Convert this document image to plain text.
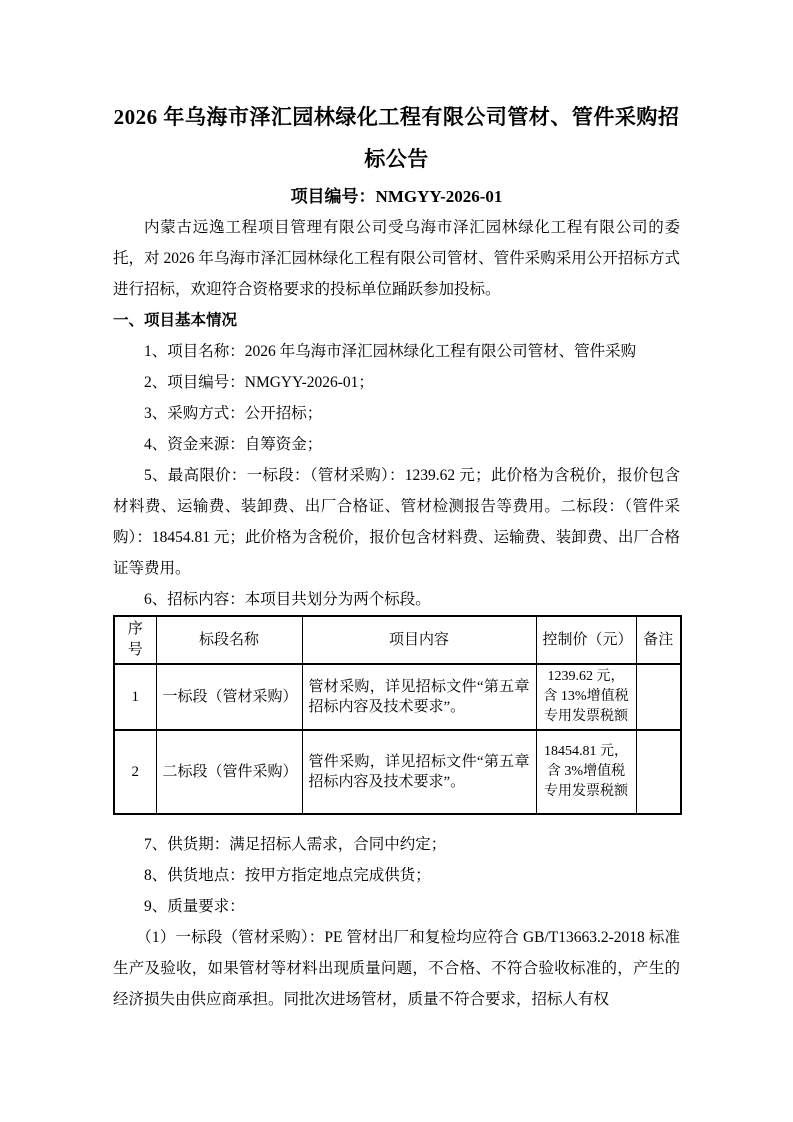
2026 年乌海市泽汇园林绿化工程有限公司管材、管件采购招标公告

项目编号：NMGYY-2026-01

内蒙古远逸工程项目管理有限公司受乌海市泽汇园林绿化工程有限公司的委托，对 2026 年乌海市泽汇园林绿化工程有限公司管材、管件采购采用公开招标方式进行招标，欢迎符合资格要求的投标单位踊跃参加投标。

一、项目基本情况

1、项目名称：2026 年乌海市泽汇园林绿化工程有限公司管材、管件采购

2、项目编号：NMGYY-2026-01；

3、采购方式：公开招标；

4、资金来源：自筹资金；

5、最高限价：一标段：（管材采购）：1239.62 元；此价格为含税价，报价包含材料费、运输费、装卸费、出厂合格证、管材检测报告等费用。二标段：（管件采购）：18454.81 元；此价格为含税价，报价包含材料费、运输费、装卸费、出厂合格证等费用。

6、招标内容：本项目共划分为两个标段。

序号	标段名称	项目内容	控制价（元）	备注
1	一标段（管材采购）	管材采购，详见招标文件“第五章招标内容及技术要求”。	1239.62 元，含 13%增值税专用发票税额	
2	二标段（管件采购）	管件采购，详见招标文件“第五章招标内容及技术要求”。	18454.81 元，含 3%增值税专用发票税额	

7、供货期：满足招标人需求，合同中约定；

8、供货地点：按甲方指定地点完成供货；

9、质量要求：

（1）一标段（管材采购）：PE 管材出厂和复检均应符合 GB/T13663.2-2018 标准生产及验收，如果管材等材料出现质量问题，不合格、不符合验收标准的，产生的经济损失由供应商承担。同批次进场管材，质量不符合要求，招标人有权
